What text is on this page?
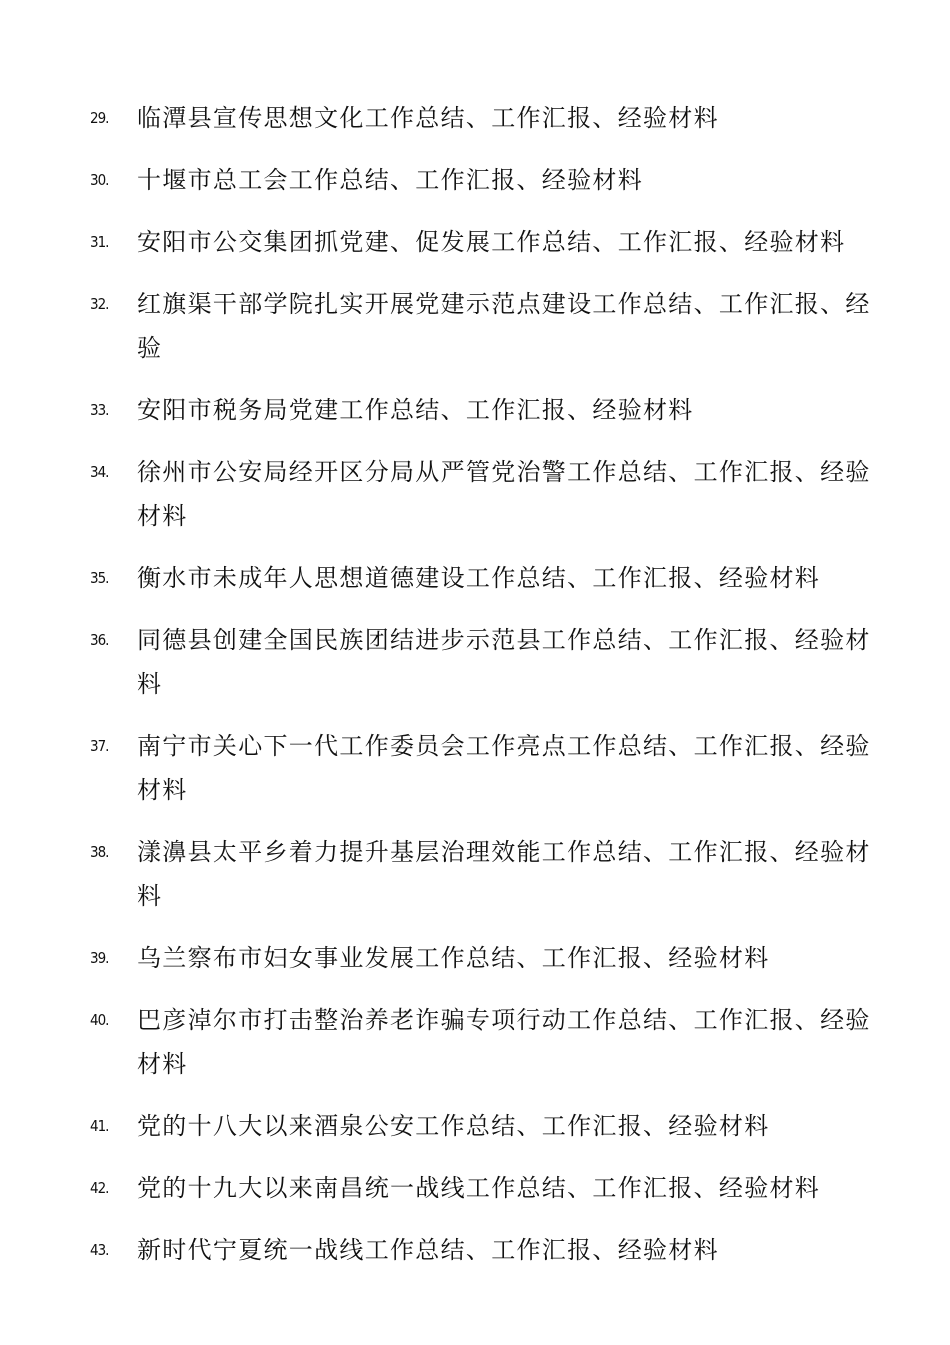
29.	临潭县宣传思想文化工作总结、工作汇报、经验材料
30.	十堰市总工会工作总结、工作汇报、经验材料
31.	安阳市公交集团抓党建、促发展工作总结、工作汇报、经验材料
32.	红旗渠干部学院扎实开展党建示范点建设工作总结、工作汇报、经验
33.	安阳市税务局党建工作总结、工作汇报、经验材料
34.	徐州市公安局经开区分局从严管党治警工作总结、工作汇报、经验材料
35.	衡水市未成年人思想道德建设工作总结、工作汇报、经验材料
36.	同德县创建全国民族团结进步示范县工作总结、工作汇报、经验材料
37.	南宁市关心下一代工作委员会工作亮点工作总结、工作汇报、经验材料
38.	漾濞县太平乡着力提升基层治理效能工作总结、工作汇报、经验材料
39.	乌兰察布市妇女事业发展工作总结、工作汇报、经验材料
40.	巴彦淖尔市打击整治养老诈骗专项行动工作总结、工作汇报、经验材料
41.	党的十八大以来酒泉公安工作总结、工作汇报、经验材料
42.	党的十九大以来南昌统一战线工作总结、工作汇报、经验材料
43.	新时代宁夏统一战线工作总结、工作汇报、经验材料
